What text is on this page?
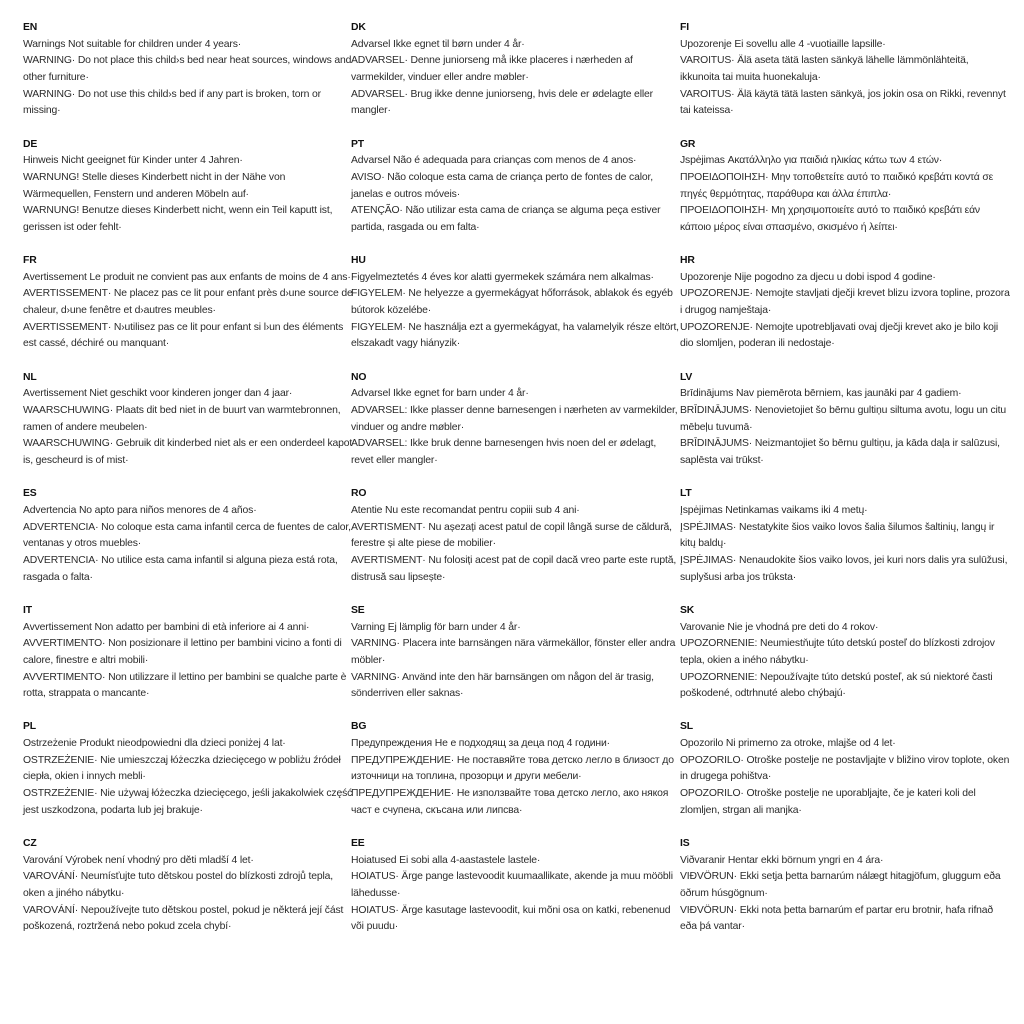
EN

Warnings Not suitable for children under 4 years·

WARNING· Do not place this child›s bed near heat sources, windows and other furniture·

WARNING· Do not use this child›s bed if any part is broken, torn or missing·

DE

Hinweis Nicht geeignet für Kinder unter 4 Jahren·

WARNUNG! Stelle dieses Kinderbett nicht in der Nähe von Wärmequellen, Fenstern und anderen Möbeln auf·

WARNUNG! Benutze dieses Kinderbett nicht, wenn ein Teil kaputt ist, gerissen ist oder fehlt·

FR

Avertissement Le produit ne convient pas aux enfants de moins de 4 ans·

AVERTISSEMENT· Ne placez pas ce lit pour enfant près d›une source de chaleur, d›une fenêtre et d›autres meubles·

AVERTISSEMENT· N›utilisez pas ce lit pour enfant si l›un des éléments est cassé, déchiré ou manquant·

NL

Avertissement Niet geschikt voor kinderen jonger dan 4 jaar·

WAARSCHUWING· Plaats dit bed niet in de buurt van warmtebronnen, ramen of andere meubelen·

WAARSCHUWING· Gebruik dit kinderbed niet als er een onderdeel kapot is, gescheurd is of mist·

ES

Advertencia No apto para niños menores de 4 años·

ADVERTENCIA· No coloque esta cama infantil cerca de fuentes de calor, ventanas y otros muebles·

ADVERTENCIA· No utilice esta cama infantil si alguna pieza está rota, rasgada o falta·

IT

Avvertissement Non adatto per bambini di età inferiore ai 4 anni·

AVVERTIMENTO· Non posizionare il lettino per bambini vicino a fonti di calore, finestre e altri mobili·

AVVERTIMENTO· Non utilizzare il lettino per bambini se qualche parte è rotta, strappata o mancante·

PL

Ostrzeżenie Produkt nieodpowiedni dla dzieci poniżej 4 lat·

OSTRZEŻENIE· Nie umieszczaj łóżeczka dziecięcego w pobliżu źródeł ciepła, okien i innych mebli·

OSTRZEŻENIE· Nie używaj łóżeczka dziecięcego, jeśli jakakolwiek część jest uszkodzona, podarta lub jej brakuje·

CZ

Varování Výrobek není vhodný pro děti mladší 4 let·

VAROVÁNÍ· Neumísťujte tuto dětskou postel do blízkosti zdrojů tepla, oken a jiného nábytku·

VAROVÁNÍ· Nepoužívejte tuto dětskou postel, pokud je některá její část poškozená, roztržená nebo pokud zcela chybí·

DK

Advarsel Ikke egnet til børn under 4 år·

ADVARSEL· Denne juniorseng må ikke placeres i nærheden af varmekilder, vinduer eller andre møbler·

ADVARSEL· Brug ikke denne juniorseng, hvis dele er ødelagte eller mangler·

PT

Advarsel Não é adequada para crianças com menos de 4 anos·

AVISO· Não coloque esta cama de criança perto de fontes de calor, janelas e outros móveis·

ATENÇÃO· Não utilizar esta cama de criança se alguma peça estiver partida, rasgada ou em falta·

HU

Figyelmeztetés 4 éves kor alatti gyermekek számára nem alkalmas·

FIGYELEM· Ne helyezze a gyermekágyat hőforrások, ablakok és egyéb bútorok közelébe·

FIGYELEM· Ne használja ezt a gyermekágyat, ha valamelyik része eltört, elszakadt vagy hiányzik·

NO

Advarsel Ikke egnet for barn under 4 år·

ADVARSEL: Ikke plasser denne barnesengen i nærheten av varmekilder, vinduer og andre møbler·

ADVARSEL: Ikke bruk denne barnesengen hvis noen del er ødelagt, revet eller mangler·

RO

Atentie Nu este recomandat pentru copiii sub 4 ani·

AVERTISMENT· Nu așezați acest patul de copil lângă surse de căldură, ferestre și alte piese de mobilier·

AVERTISMENT· Nu folosiți acest pat de copil dacă vreo parte este ruptă, distrusă sau lipsește·

SE

Varning Ej lämplig för barn under 4 år·

VARNING· Placera inte barnsängen nära värmekällor, fönster eller andra möbler·

VARNING· Använd inte den här barnsängen om någon del är trasig, sönderriven eller saknas·

BG

Предупреждения Не е подходящ за деца под 4 години·

ПРЕДУПРЕЖДЕНИЕ· Не поставяйте това детско легло в близост до източници на топлина, прозорци и други мебели·

ПРЕДУПРЕЖДЕНИЕ· Не използвайте това детско легло, ако някоя част е счупена, скъсана или липсва·

EE

Hoiatused Ei sobi alla 4-aastastele lastele·

HOIATUS· Ärge pange lastevoodit kuumaallikate, akende ja muu mööbli lähedusse·

HOIATUS· Ärge kasutage lastevoodit, kui mõni osa on katki, rebenenud või puudu·

FI

Upozorenje Ei sovellu alle 4 -vuotiaille lapsille·

VAROITUS· Älä aseta tätä lasten sänkyä lähelle lämmönlähteitä, ikkunoita tai muita huonekaluja·

VAROITUS· Älä käytä tätä lasten sänkyä, jos jokin osa on Rikki, revennyt tai kateissa·

GR

Jspėjimas Ακατάλληλο για παιδιά ηλικίας κάτω των 4 ετών·

ΠΡΟΕΙΔΟΠΟΙΗΣΗ· Μην τοποθετείτε αυτό το παιδικό κρεβάτι κοντά σε πηγές θερμότητας, παράθυρα και άλλα έπιπλα·

ΠΡΟΕΙΔΟΠΟΙΗΣΗ· Μη χρησιμοποιείτε αυτό το παιδικό κρεβάτι εάν κάποιο μέρος είναι σπασμένο, σκισμένο ή λείπει·

HR

Upozorenje Nije pogodno za djecu u dobi ispod 4 godine·

UPOZORENJE· Nemojte stavljati dječji krevet blizu izvora topline, prozora i drugog namještaja·

UPOZORENJE· Nemojte upotrebljavati ovaj dječji krevet ako je bilo koji dio slomljen, poderan ili nedostaje·

LV

Brīdinājums Nav piemērota bērniem, kas jaunāki par 4 gadiem·

BRĪDINĀJUMS· Nenovietojiet šo bērnu gultiņu siltuma avotu, logu un citu mēbeļu tuvumā·

BRĪDINĀJUMS· Neizmantojiet šo bērnu gultiņu, ja kāda daļa ir salūzusi, saplēsta vai trūkst·

LT

Įspėjimas Netinkamas vaikams iki 4 metų·

ĮSPĖJIMAS· Nestatykite šios vaiko lovos šalia šilumos šaltinių, langų ir kitų baldų·

ĮSPĖJIMAS· Nenaudokite šios vaiko lovos, jei kuri nors dalis yra sulūžusi, suplyšusi arba jos trūksta·

SK

Varovanie Nie je vhodná pre deti do 4 rokov·

UPOZORNENIE: Neumiestňujte túto detskú posteľ do blízkosti zdrojov tepla, okien a iného nábytku·

UPOZORNENIE: Nepoužívajte túto detskú posteľ, ak sú niektoré časti poškodené, odtrhnuté alebo chýbajú·

SL

Opozorilo Ni primerno za otroke, mlajše od 4 let·

OPOZORILO· Otroške postelje ne postavljajte v bližino virov toplote, oken in drugega pohištva·

OPOZORILO· Otroške postelje ne uporabljajte, če je kateri koli del zlomljen, strgan ali manjka·

IS

Viðvaranir Hentar ekki börnum yngri en 4 ára·

VIÐVÖRUN· Ekki setja þetta barnarúm nálægt hitagjöfum, gluggum eða öðrum húsgögnum·

VIÐVÖRUN· Ekki nota þetta barnarúm ef partar eru brotnir, hafa rifnað eða þá vantar·
